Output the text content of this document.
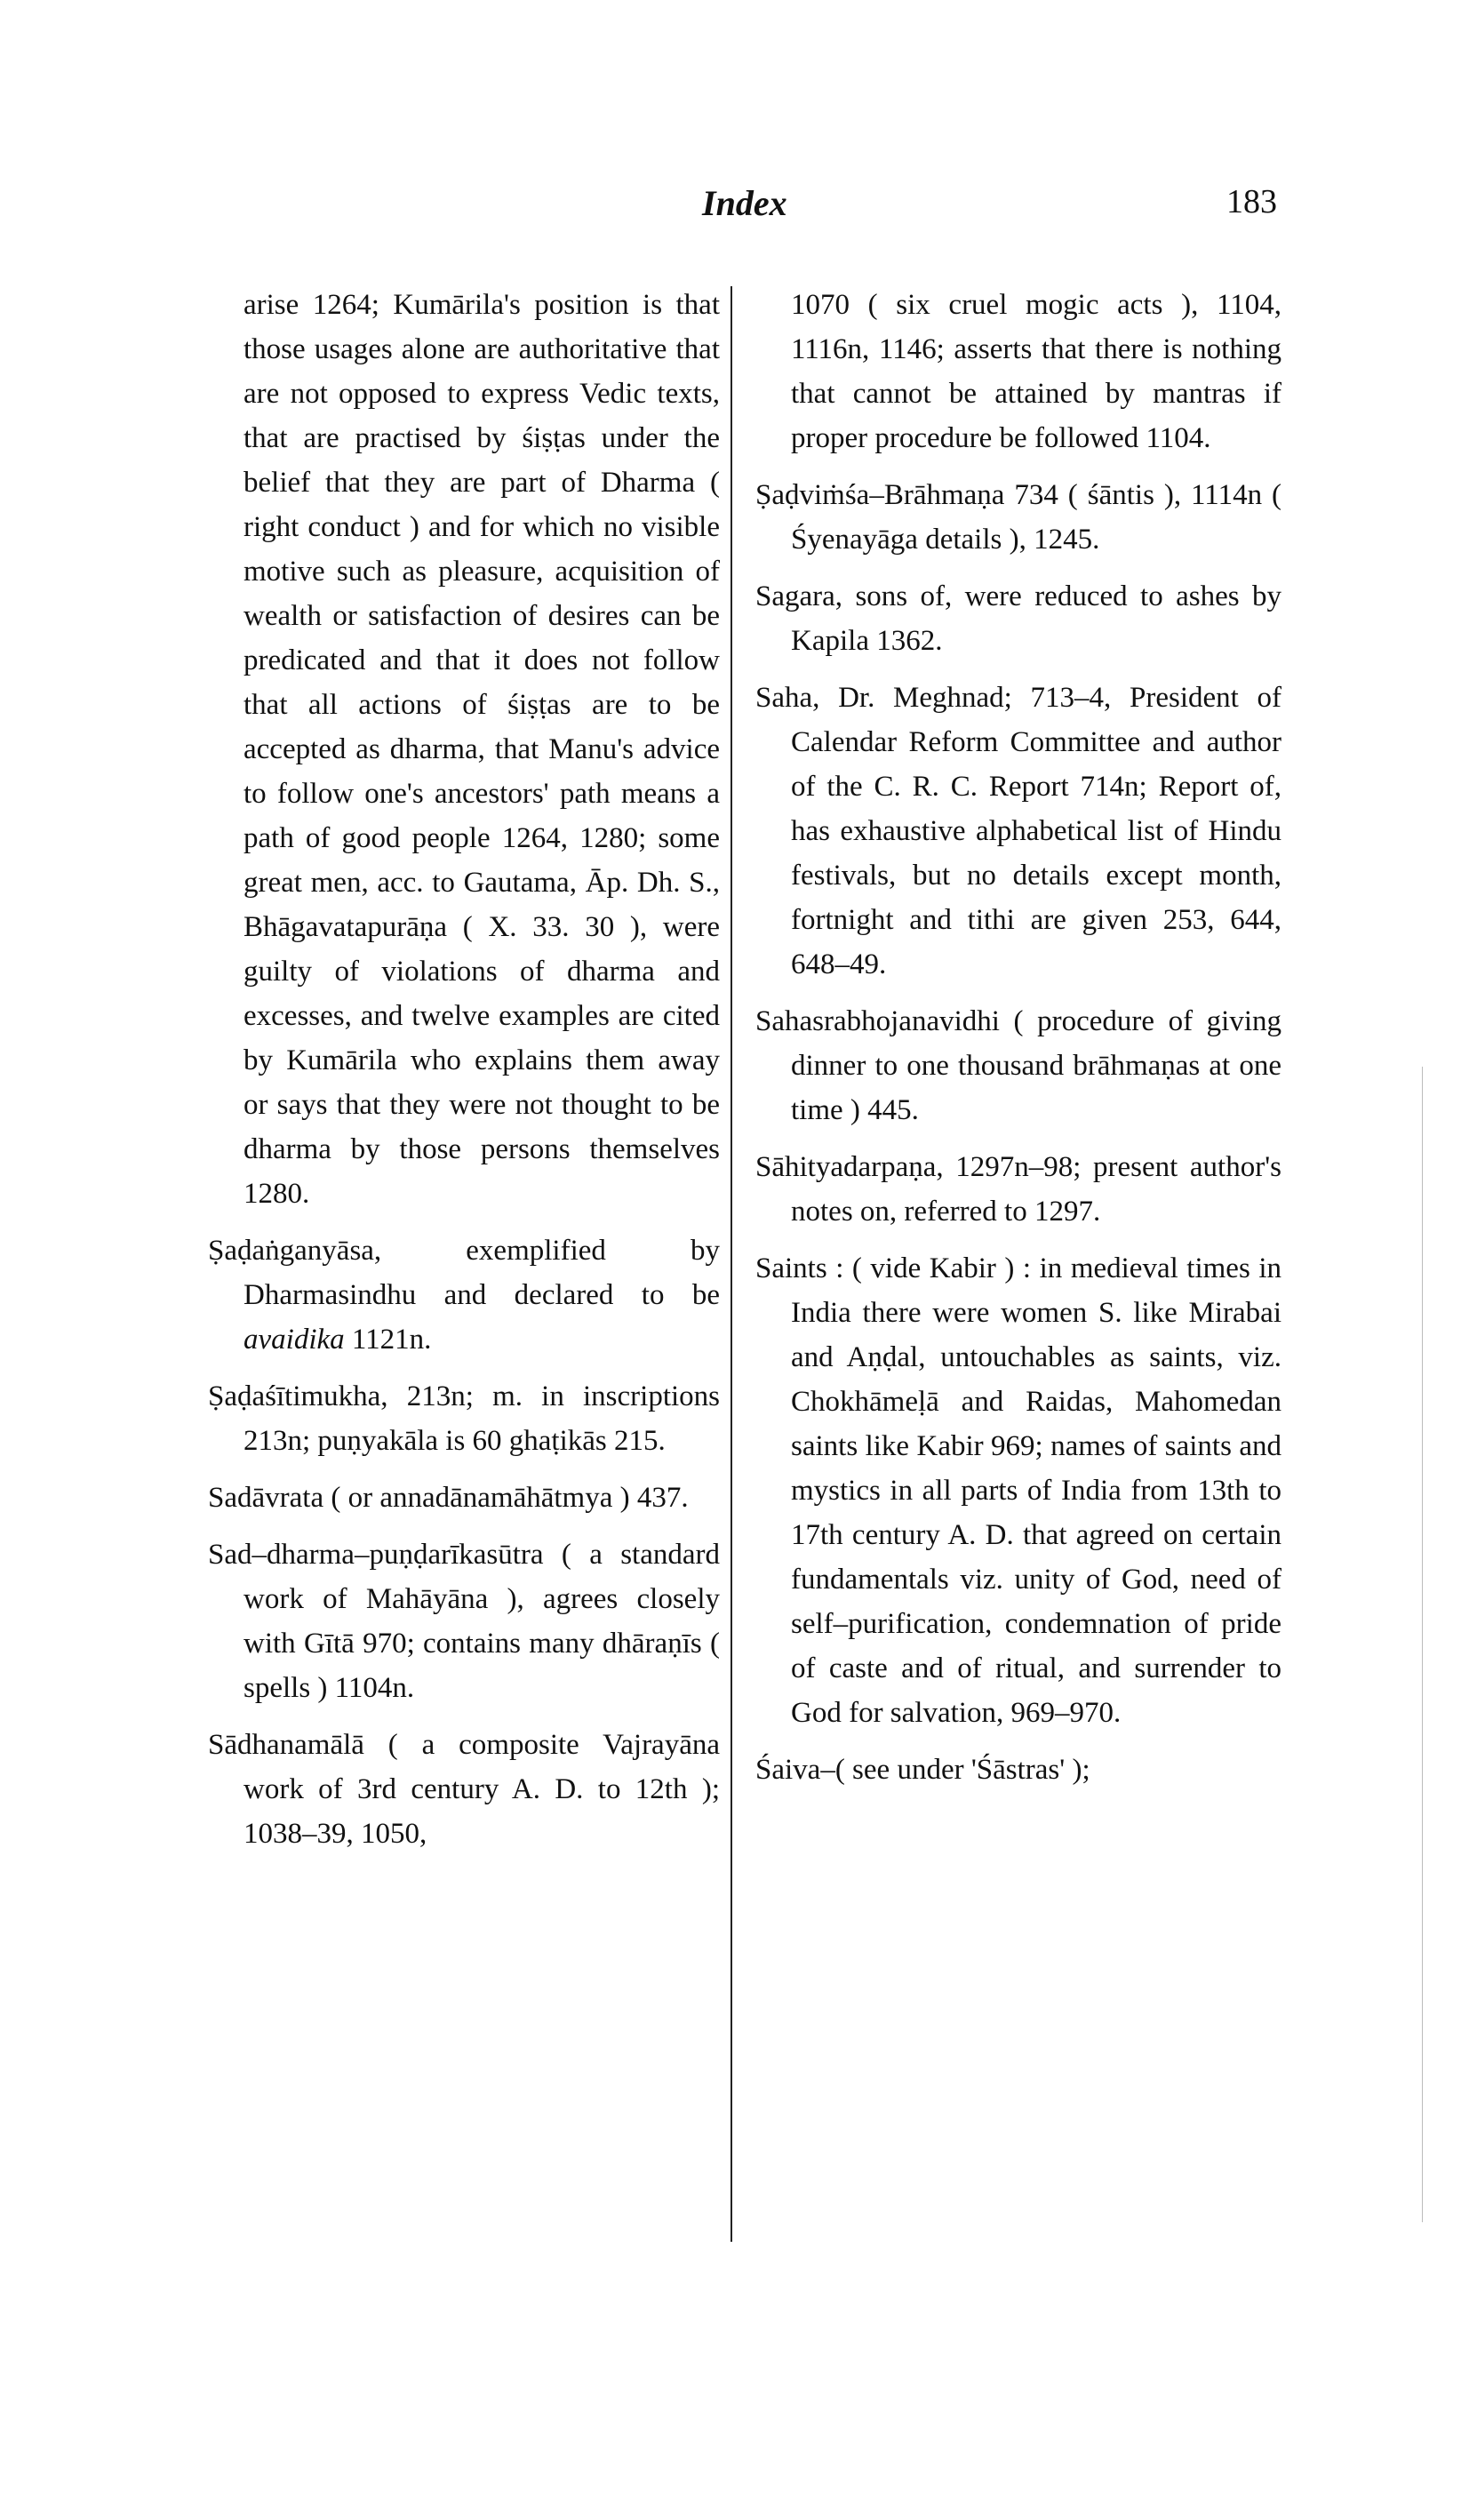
Index	183

arise 1264; Kumārila's position is that those usages alone are authoritative that are not opposed to express Vedic texts, that are practised by śiṣṭas under the belief that they are part of Dharma ( right conduct ) and for which no visible motive such as pleasure, acquisition of wealth or satisfaction of desires can be predicated and that it does not follow that all actions of śiṣṭas are to be accepted as dharma, that Manu's advice to follow one's ancestors' path means a path of good people 1264, 1280; some great men, acc. to Gautama, Āp. Dh. S., Bhāgavatapurāṇa ( X. 33. 30 ), were guilty of violations of dharma and excesses, and twelve examples are cited by Kumārila who explains them away or says that they were not thought to be dharma by those persons themselves 1280.

Ṣaḍaṅganyāsa, exemplified by Dharmasindhu and declared to be avaidika 1121n.

Ṣaḍaśītimukha, 213n; m. in inscriptions 213n; puṇyakāla is 60 ghaṭikās 215.

Sadāvrata ( or annadānamāhātmya ) 437.

Sad–dharma–puṇḍarīkasūtra ( a standard work of Mahāyāna ), agrees closely with Gītā 970; contains many dhāraṇīs ( spells ) 1104n.

Sādhanamālā ( a composite Vajrayāna work of 3rd century A. D. to 12th ); 1038–39, 1050,

1070 ( six cruel mogic acts ), 1104, 1116n, 1146; asserts that there is nothing that cannot be attained by mantras if proper procedure be followed 1104.

Ṣaḍviṁśa–Brāhmaṇa 734 ( śāntis ), 1114n ( Śyenayāga details ), 1245.

Sagara, sons of, were reduced to ashes by Kapila 1362.

Saha, Dr. Meghnad; 713–4, President of Calendar Reform Committee and author of the C. R. C. Report 714n; Report of, has exhaustive alphabetical list of Hindu festivals, but no details except month, fortnight and tithi are given 253, 644, 648–49.

Sahasrabhojanavidhi ( procedure of giving dinner to one thousand brāhmaṇas at one time ) 445.

Sāhityadarpaṇa, 1297n–98; present author's notes on, referred to 1297.

Saints : ( vide Kabir ) : in medieval times in India there were women S. like Mirabai and Aṇḍal, untouchables as saints, viz. Chokhāmeḷā and Raidas, Mahomedan saints like Kabir 969; names of saints and mystics in all parts of India from 13th to 17th century A. D. that agreed on certain fundamentals viz. unity of God, need of self–purification, condemnation of pride of caste and of ritual, and surrender to God for salvation, 969–970.

Śaiva–( see under 'Śāstras' );
